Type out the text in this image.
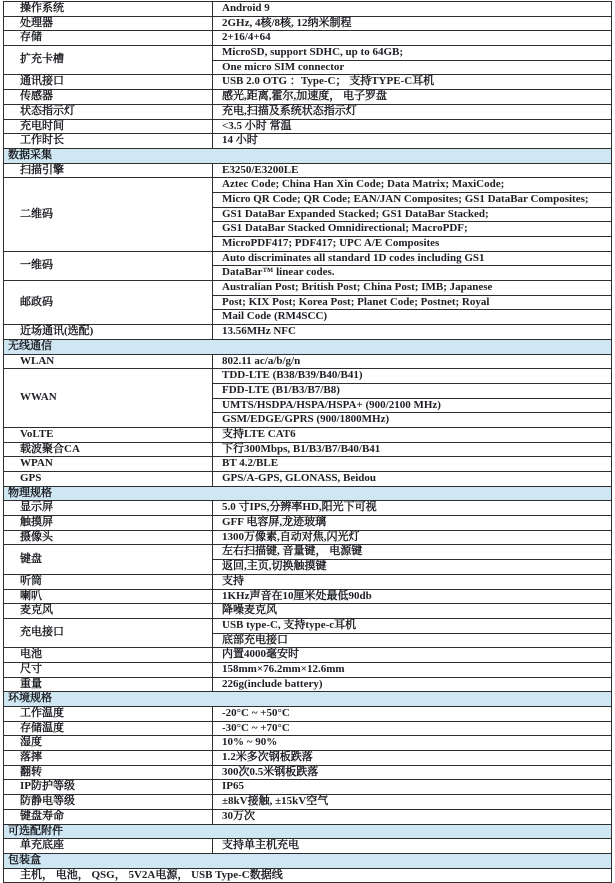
操作系统	Android 9
处理器	2GHz, 4核/8核, 12纳米制程
存储	2+16/4+64
扩充卡槽	MicroSD, support SDHC, up to 64GB;
	One micro SIM connector
通讯接口	USB 2.0 OTG ：Type-C； 支持TYPE-C耳机
传感器	感光,距离,霍尔,加速度， 电子罗盘
状态指示灯	充电,扫描及系统状态指示灯
充电时间	<3.5 小时 常温
工作时长	14 小时
数据采集	
扫描引擎	E3250/E3200LE
二维码	Aztec Code; China Han Xin Code; Data Matrix; MaxiCode;
	Micro QR Code; QR Code; EAN/JAN Composites; GS1 DataBar Composites;
	GS1 DataBar Expanded Stacked; GS1 DataBar Stacked;
	GS1 DataBar Stacked Omnidirectional; MacroPDF;
	MicroPDF417; PDF417; UPC A/E Composites
一维码	Auto discriminates all standard 1D codes including GS1
	DataBar™ linear codes.
邮政码	Australian Post; British Post; China Post; IMB; Japanese
	Post; KIX Post; Korea Post; Planet Code; Postnet; Royal
	Mail Code (RM4SCC)
近场通讯(选配)	13.56MHz NFC
无线通信	
WLAN	802.11 ac/a/b/g/n
WWAN	TDD-LTE (B38/B39/B40/B41)
	FDD-LTE (B1/B3/B7/B8)
	UMTS/HSDPA/HSPA/HSPA+ (900/2100 MHz)
	GSM/EDGE/GPRS (900/1800MHz)
VoLTE	支持LTE CAT6
载波聚合CA	下行300Mbps, B1/B3/B7/B40/B41
WPAN	BT 4.2/BLE
GPS	GPS/A-GPS, GLONASS, Beidou
物理规格	
显示屏	5.0 寸IPS,分辨率HD,阳光下可视
触摸屏	GFF 电容屏,龙迹玻璃
摄像头	1300万像素,自动对焦,闪光灯
键盘	左右扫描键, 音量键， 电源键
	返回,主页,切换触摸键
听筒	支持
喇叭	1KHz声音在10厘米处最低90db
麦克风	降噪麦克风
充电接口	USB type-C, 支持type-c耳机
	底部充电接口
电池	内置4000毫安时
尺寸	158mm×76.2mm×12.6mm
重量	226g(include battery)
环境规格	
工作温度	-20°C ~ +50°C
存储温度	-30°C ~ +70°C
湿度	10% ~ 90%
落摔	1.2米多次钢板跌落
翻转	300次0.5米钢板跌落
IP防护等级	IP65
防静电等级	±8kV接触, ±15kV空气
键盘寿命	30万次
可选配附件	
单充底座	支持单主机充电
包装盒	
主机， 电池， QSG， 5V2A电源， USB Type-C数据线	
